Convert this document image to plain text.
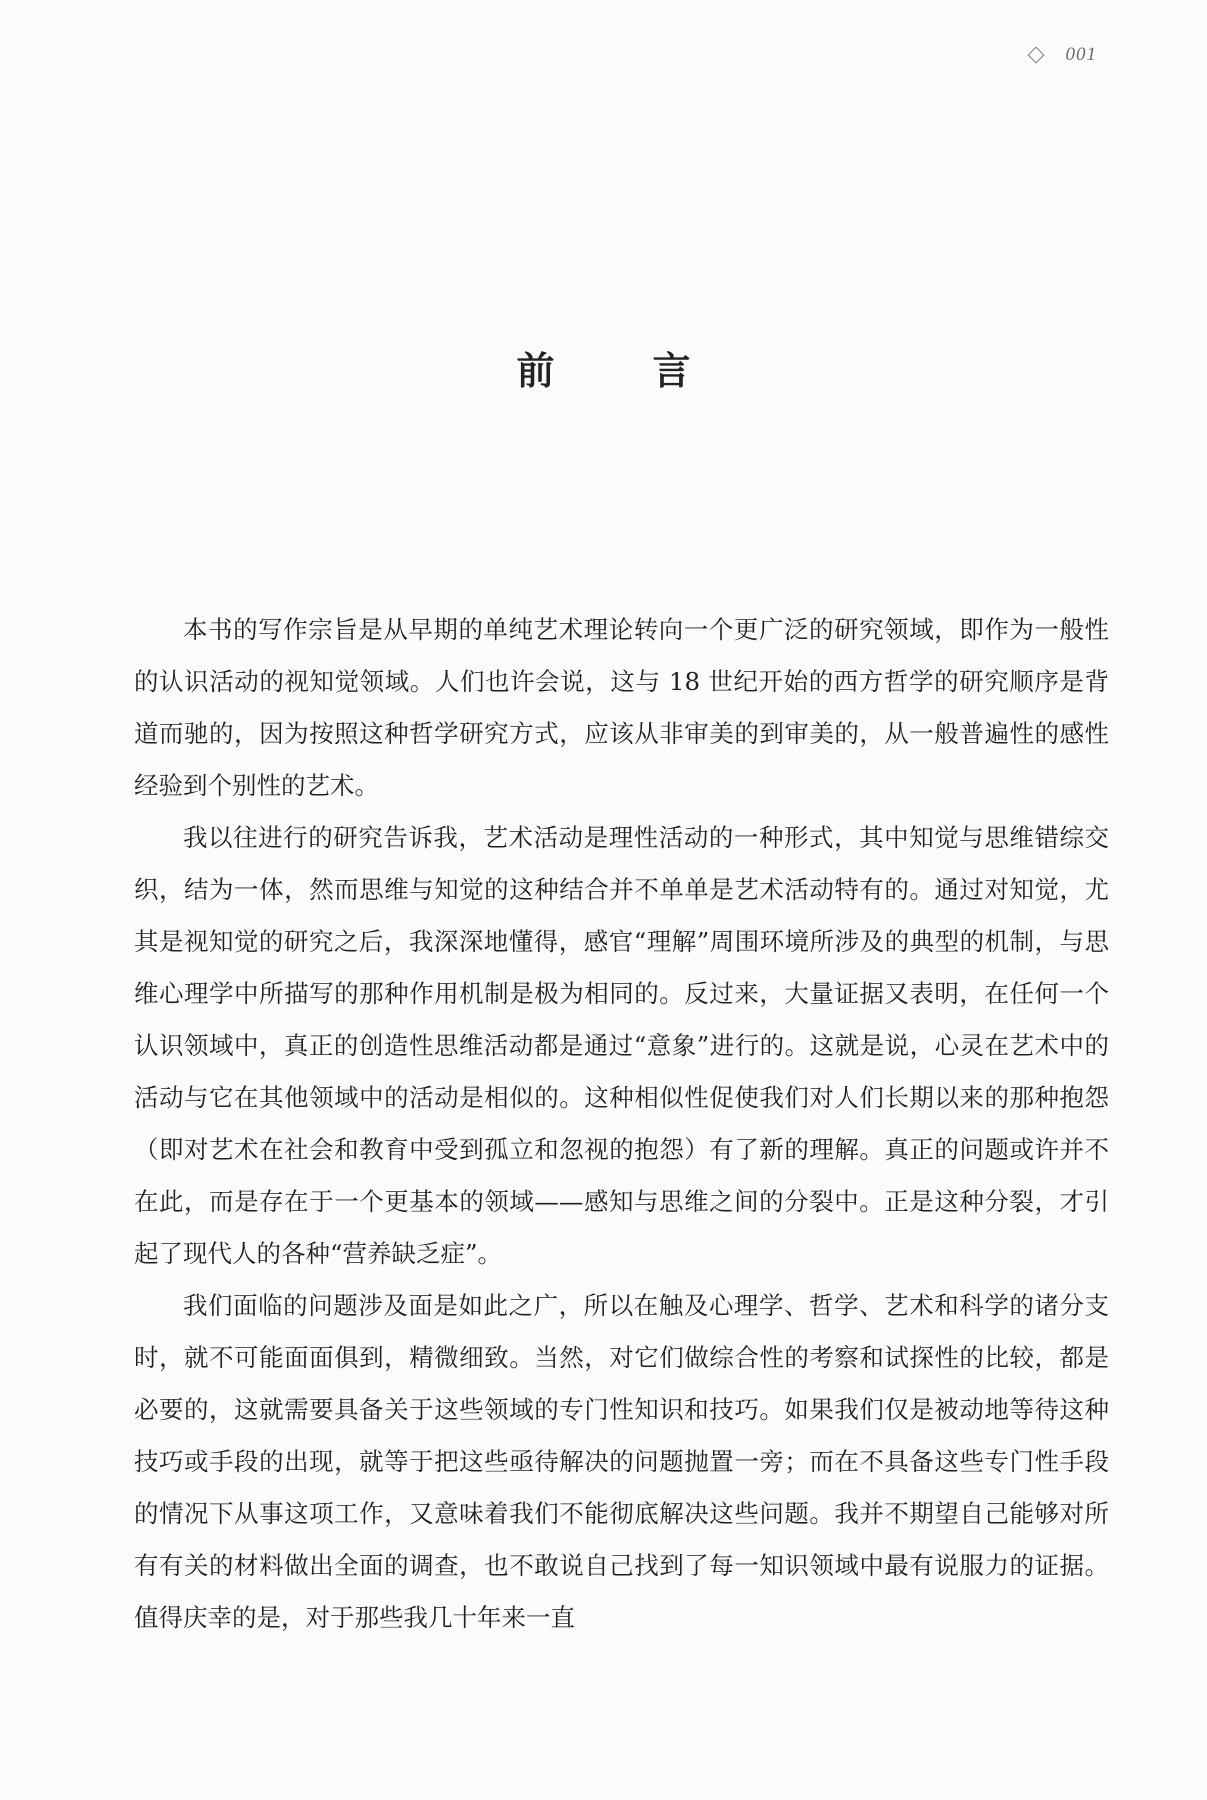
001
前　言

本书的写作宗旨是从早期的单纯艺术理论转向一个更广泛的研究领域，即作为一般性的认识活动的视知觉领域。人们也许会说，这与 18 世纪开始的西方哲学的研究顺序是背道而驰的，因为按照这种哲学研究方式，应该从非审美的到审美的，从一般普遍性的感性经验到个别性的艺术。

我以往进行的研究告诉我，艺术活动是理性活动的一种形式，其中知觉与思维错综交织，结为一体，然而思维与知觉的这种结合并不单单是艺术活动特有的。通过对知觉，尤其是视知觉的研究之后，我深深地懂得，感官“理解”周围环境所涉及的典型的机制，与思维心理学中所描写的那种作用机制是极为相同的。反过来，大量证据又表明，在任何一个认识领域中，真正的创造性思维活动都是通过“意象”进行的。这就是说，心灵在艺术中的活动与它在其他领域中的活动是相似的。这种相似性促使我们对人们长期以来的那种抱怨（即对艺术在社会和教育中受到孤立和忽视的抱怨）有了新的理解。真正的问题或许并不在此，而是存在于一个更基本的领域——感知与思维之间的分裂中。正是这种分裂，才引起了现代人的各种“营养缺乏症”。

我们面临的问题涉及面是如此之广，所以在触及心理学、哲学、艺术和科学的诸分支时，就不可能面面俱到，精微细致。当然，对它们做综合性的考察和试探性的比较，都是必要的，这就需要具备关于这些领域的专门性知识和技巧。如果我们仅是被动地等待这种技巧或手段的出现，就等于把这些亟待解决的问题抛置一旁；而在不具备这些专门性手段的情况下从事这项工作，又意味着我们不能彻底解决这些问题。我并不期望自己能够对所有有关的材料做出全面的调查，也不敢说自己找到了每一知识领域中最有说服力的证据。值得庆幸的是，对于那些我几十年来一直
